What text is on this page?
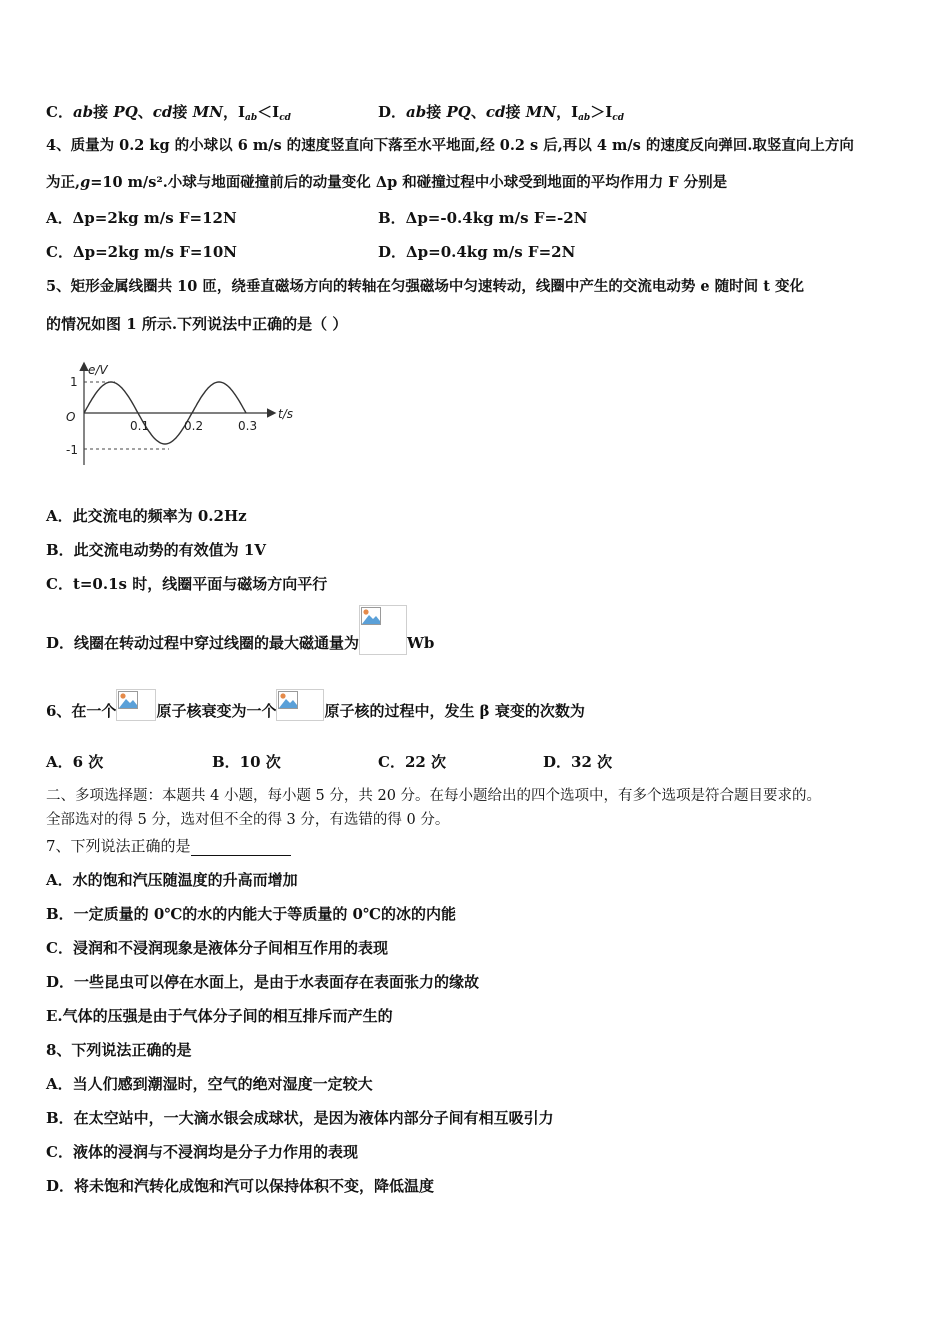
C．ab接 PQ、cd接 MN，$I_{ab}<I_{cd}$	D．ab接 PQ、cd接 MN，$I_{ab}>I_{cd}$
4、质量为 0.2 kg 的小球以 6 m/s 的速度竖直向下落至水平地面,经 0.2 s 后,再以 4 m/s 的速度反向弹回.取竖直向上方向
为正,g=10 m/s².小球与地面碰撞前后的动量变化 Δp 和碰撞过程中小球受到地面的平均作用力 F 分别是
A．Δp=2kg m/s F=12N	B．Δp=-0.4kg m/s F=-2N
C．Δp=2kg m/s F=10N	D．Δp=0.4kg m/s F=2N
5、矩形金属线圈共 10 匝，绕垂直磁场方向的转轴在匀强磁场中匀速转动，线圈中产生的交流电动势 e 随时间 t 变化
的情况如图 1 所示.下列说法中正确的是（ ）
e/V
t/s
O
1
-1
0.1	0.2	0.3
A．此交流电的频率为 0.2Hz
B．此交流电动势的有效值为 1V
C．t=0.1s 时，线圈平面与磁场方向平行
D．线圈在转动过程中穿过线圈的最大磁通量为	Wb
6、在一个	原子核衰变为一个	原子核的过程中，发生 β 衰变的次数为
A．6 次	B．10 次	C．22 次	D．32 次
二、多项选择题：本题共 4 小题，每小题 5 分，共 20 分。在每小题给出的四个选项中，有多个选项是符合题目要求的。
全部选对的得 5 分，选对但不全的得 3 分，有选错的得 0 分。
7、下列说法正确的是
A．水的饱和汽压随温度的升高而增加
B．一定质量的 0℃的水的内能大于等质量的 0℃的冰的内能
C．浸润和不浸润现象是液体分子间相互作用的表现
D．一些昆虫可以停在水面上，是由于水表面存在表面张力的缘故
E.气体的压强是由于气体分子间的相互排斥而产生的
8、下列说法正确的是
A．当人们感到潮湿时，空气的绝对湿度一定较大
B．在太空站中，一大滴水银会成球状，是因为液体内部分子间有相互吸引力
C．液体的浸润与不浸润均是分子力作用的表现
D．将未饱和汽转化成饱和汽可以保持体积不变，降低温度
